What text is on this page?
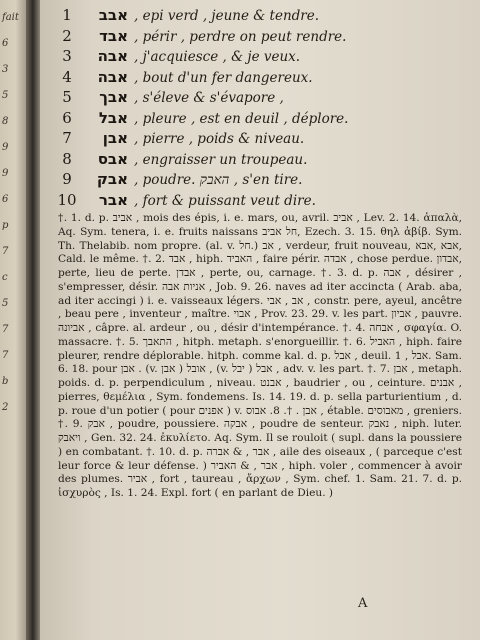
fait
6
3
5
8
9
9
6
p
7
c
5
7
7
b
2
1	אבב , epi verd , jeune & tendre.
2	אבד , périr , perdre on peut rendre.
3	אבה , j'acquiesce , & je veux.
4	אבה , bout d'un fer dangereux.
5	אבך , s'éleve & s'évapore ,
6	אבל , pleure , est en deuil , déplore.
7	אבן , pierre , poids & niveau.
8	אבס , engraisser un troupeau.
9	אבק , poudre. האבק , s'en tire.
10	אבר , fort & puissant veut dire.

†. 1. d. p. אביב , mois des épis, i. e. mars, ou, avril. אביב , Lev. 2. 14. ἁπαλὰ, Aq. Sym. tenera, i. e. fruits naissans חל אביב, Ezech. 3. 15. θηλ ἀβίβ. Sym. Th. Thelabib. nom propre. (al. v. חל.) אב , verdeur, fruit nouveau, אבא ,אבא, Cald. le même. †. 2. אבד , hiph. האביד , faire périr. אבדה , chose perdue. אבדון, perte, lieu de perte. אבדן , perte, ou, carnage. †. 3. d. p. אבה , désirer , s'empresser, désir. אניות אבה , Job. 9. 26. naves ad iter accincta ( Arab. aba, ad iter accingi ) i. e. vaisseaux légers. אב , אבי , constr. pere, ayeul, ancêtre , beau pere , inventeur , maître. אבוי , Prov. 23. 29. v. les part. אביון , pauvre. אביונה , câpre. al. ardeur , ou , désir d'intempérance. †. 4. אבחה , σφαγία. O. massacre. †. 5. התאבך , hitph. metaph. s'enorgueillir. †. 6. האביל , hiph. faire pleurer, rendre déplorable. hitph. comme kal. d. p. אבל , deuil. אבל , 1. Sam. 6. 18. pour אבן . (v. אבן ) אובל , (v. יבל ) אבל , adv. v. les part. †. 7. אבן , metaph. poids. d. p. perpendiculum , niveau. אבנט , baudrier , ou , ceinture. אבנים , pierres, θεμέλια , Sym. fondemens. Is. 14. 19. d. p. sella parturientium , d. p. roue d'un potier ( pour אפנים ) v. אבן . †. 8. אבוס , étable. מאבוסים , greniers. †. 9. אבק , poudre, poussiere. אבקה , poudre de senteur. נאבק , niph. luter. ויאבק , Gen. 32. 24. ἐκυλίετο. Aq. Sym. Il se rouloit ( supl. dans la poussiere ) en combatant. †. 10. d. p. אבר , & אברה , aile des oiseaux , ( parceque c'est leur force & leur défense. ) אבר , & האביר , hiph. voler , commencer à avoir des plumes. אביר , fort , taureau , ἄρχων , Sym. chef. 1. Sam. 21. 7. d. p. ἰσχυρὸς , Is. 1. 24. Expl. fort ( en parlant de Dieu. )

A
